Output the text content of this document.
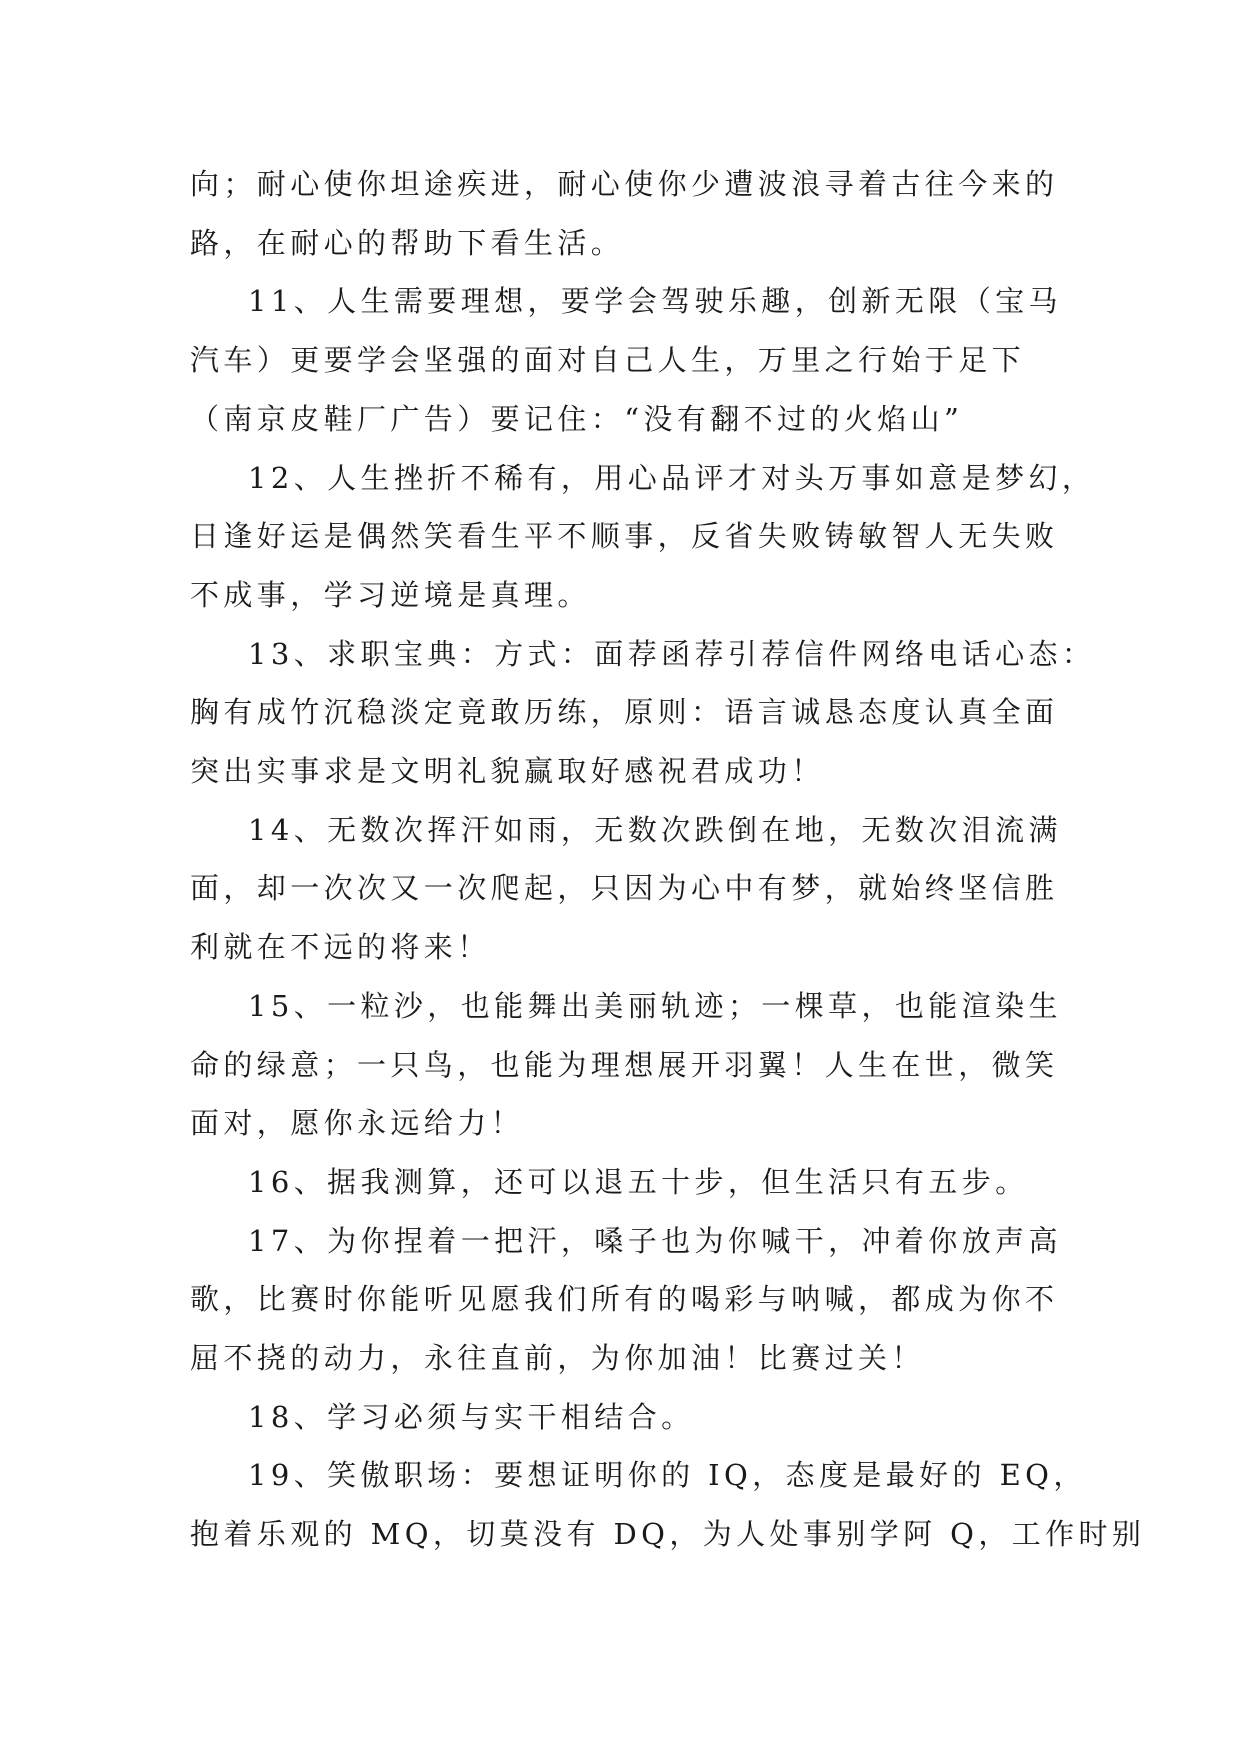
向；耐心使你坦途疾进，耐心使你少遭波浪寻着古往今来的
路，在耐心的帮助下看生活。

11、人生需要理想，要学会驾驶乐趣，创新无限（宝马
汽车）更要学会坚强的面对自己人生，万里之行始于足下
（南京皮鞋厂广告）要记住：“没有翻不过的火焰山”

12、人生挫折不稀有，用心品评才对头万事如意是梦幻，
日逢好运是偶然笑看生平不顺事，反省失败铸敏智人无失败
不成事，学习逆境是真理。

13、求职宝典：方式：面荐函荐引荐信件网络电话心态：
胸有成竹沉稳淡定竟敢历练，原则：语言诚恳态度认真全面
突出实事求是文明礼貌赢取好感祝君成功！

14、无数次挥汗如雨，无数次跌倒在地，无数次泪流满
面，却一次次又一次爬起，只因为心中有梦，就始终坚信胜
利就在不远的将来！

15、一粒沙，也能舞出美丽轨迹；一棵草，也能渲染生
命的绿意；一只鸟，也能为理想展开羽翼！人生在世，微笑
面对，愿你永远给力！

16、据我测算，还可以退五十步，但生活只有五步。

17、为你捏着一把汗，嗓子也为你喊干，冲着你放声高
歌，比赛时你能听见愿我们所有的喝彩与呐喊，都成为你不
屈不挠的动力，永往直前，为你加油！比赛过关！

18、学习必须与实干相结合。

19、笑傲职场：要想证明你的 IQ，态度是最好的 EQ，
抱着乐观的 MQ，切莫没有 DQ，为人处事别学阿 Q，工作时别
